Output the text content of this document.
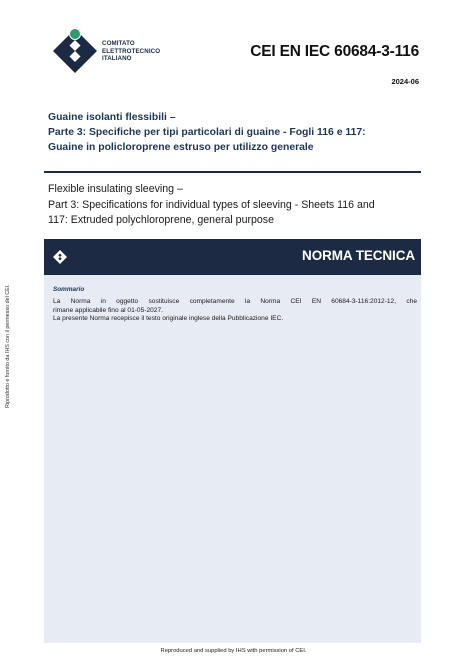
COMITATO
ELETTROTECNICO
ITALIANO	CEI EN IEC 60684-3-116
2024-06
Guaine isolanti flessibili –
Parte 3: Specifiche per tipi particolari di guaine - Fogli 116 e 117:
Guaine in policloroprene estruso per utilizzo generale
Flexible insulating sleeving –
Part 3: Specifications for individual types of sleeving - Sheets 116 and
117: Extruded polychloroprene, general purpose
NORMA TECNICA
Sommario

La Norma in oggetto sostituisce completamente la Norma CEI EN 60684-3-116:2012-12, che
rimane applicabile fino al 01-05-2027.

La presente Norma recepisce il testo originale inglese della Pubblicazione IEC.

Riprodotto e fornito da IHS con il permesso del CEI.
Reproduced and supplied by IHS with permission of CEI.
